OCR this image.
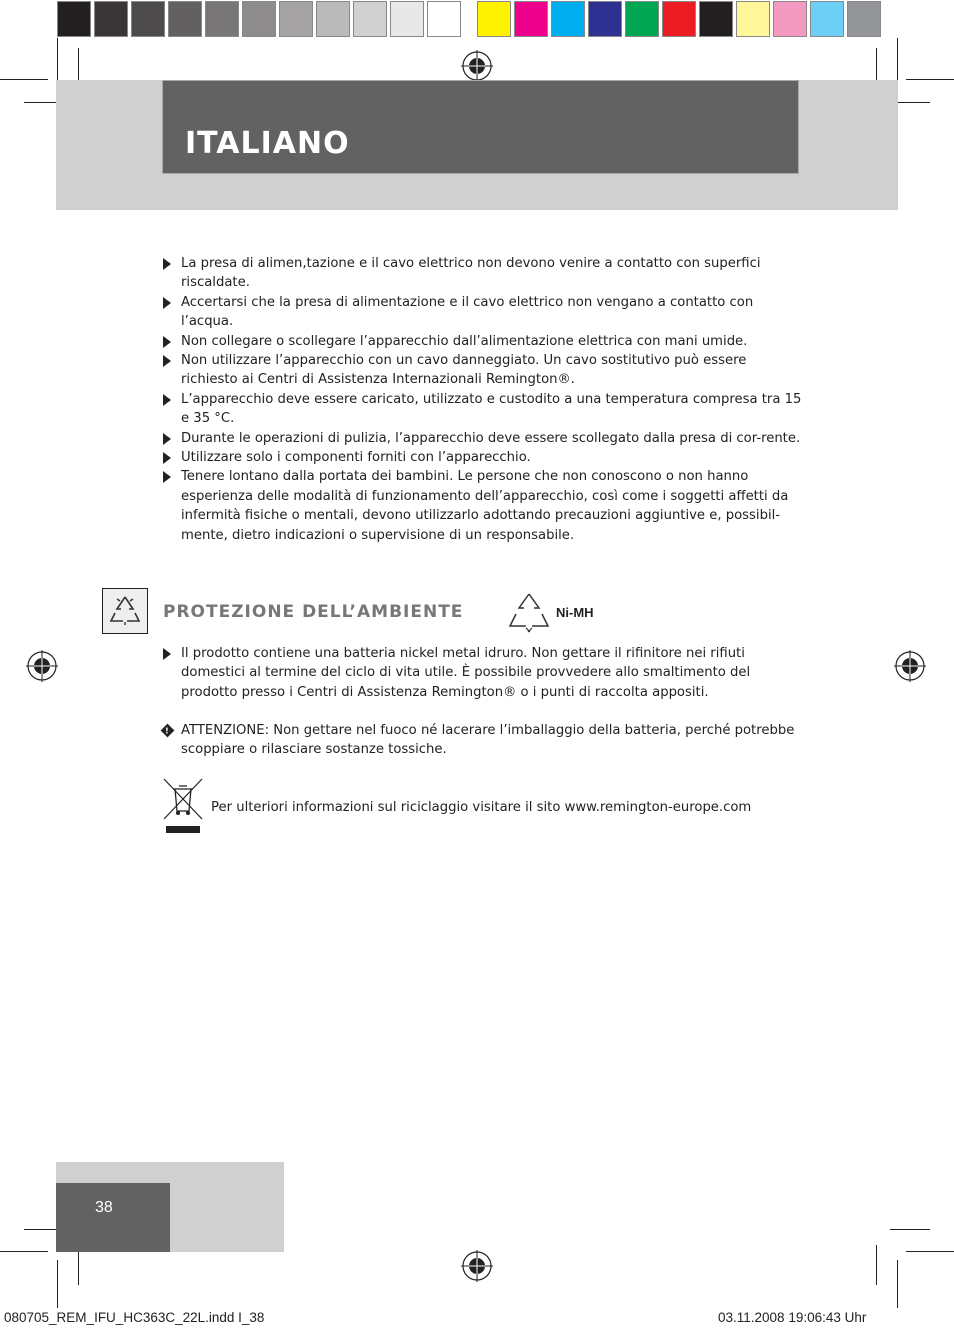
ITALIANO
La presa di alimen,tazione e il cavo elettrico non devono venire a contatto con superfici riscaldate.
Accertarsi che la presa di alimentazione e il cavo elettrico non vengano a contatto con l’acqua.
Non collegare o scollegare l’apparecchio dall’alimentazione elettrica con mani umide.
Non utilizzare l’apparecchio con un cavo danneggiato. Un cavo sostitutivo può essere richiesto ai Centri di Assistenza Internazionali Remington®.
L’apparecchio deve essere caricato, utilizzato e custodito a una temperatura compresa tra 15 e 35 °C.
Durante le operazioni di pulizia, l’apparecchio deve essere scollegato dalla presa di cor-rente.
Utilizzare solo i componenti forniti con l’apparecchio.
Tenere lontano dalla portata dei bambini. Le persone che non conoscono o non hanno esperienza delle modalità di funzionamento dell’apparecchio, così come i soggetti affetti da infermità fisiche o mentali, devono utilizzarlo adottando precauzioni aggiuntive e, possibil-mente, dietro indicazioni o supervisione di un responsabile.
PROTEZIONE DELL’AMBIENTE	Ni-MH
Il prodotto contiene una batteria nickel metal idruro. Non gettare il rifinitore nei rifiuti domestici al termine del ciclo di vita utile. È possibile provvedere allo smaltimento del prodotto presso i Centri di Assistenza Remington® o i punti di raccolta appositi.
! ATTENZIONE: Non gettare nel fuoco né lacerare l’imballaggio della batteria, perché potrebbe scoppiare o rilasciare sostanze tossiche.
Per ulteriori informazioni sul riciclaggio visitare il sito www.remington-europe.com
38
080705_REM_IFU_HC363C_22L.indd I_38	03.11.2008 19:06:43 Uhr
